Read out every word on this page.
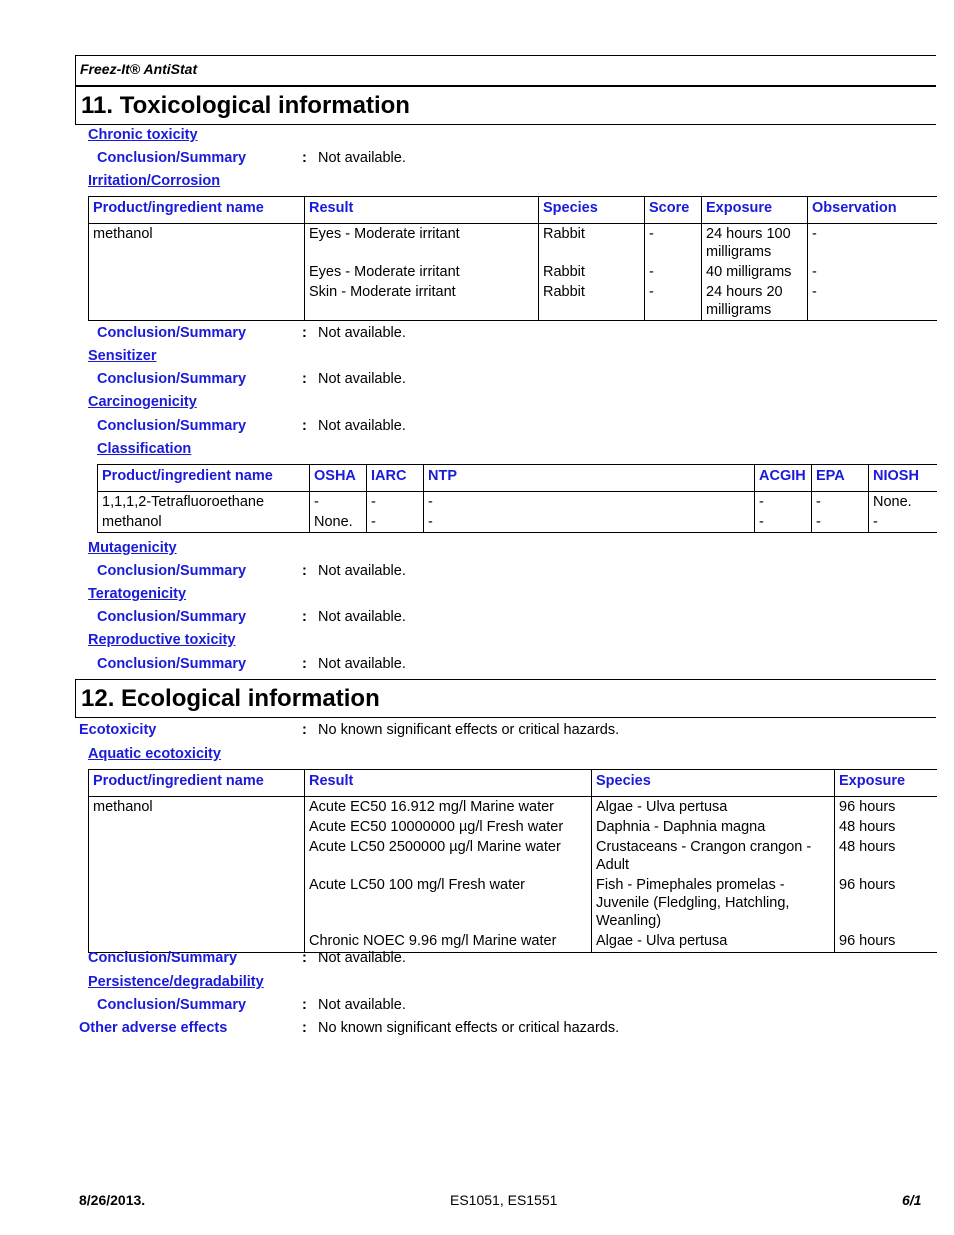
Freez-It® AntiStat
11. Toxicological information
Chronic toxicity
Conclusion/Summary	: Not available.
Irritation/Corrosion
Product/ingredient name	Result	Species	Score	Exposure	Observation
methanol	Eyes - Moderate irritant	Rabbit	-	24 hours 100 milligrams	-
	Eyes - Moderate irritant	Rabbit	-	40 milligrams	-
	Skin - Moderate irritant	Rabbit	-	24 hours 20 milligrams	-
Conclusion/Summary	: Not available.
Sensitizer
Conclusion/Summary	: Not available.
Carcinogenicity
Conclusion/Summary	: Not available.
Classification
Product/ingredient name	OSHA	IARC	NTP	ACGIH	EPA	NIOSH
1,1,1,2-Tetrafluoroethane	-	-	-	-	-	None.
methanol	None.	-	-	-	-	-
Mutagenicity
Conclusion/Summary	: Not available.
Teratogenicity
Conclusion/Summary	: Not available.
Reproductive toxicity
Conclusion/Summary	: Not available.
12. Ecological information
Ecotoxicity	: No known significant effects or critical hazards.
Aquatic ecotoxicity
Product/ingredient name	Result	Species	Exposure
methanol	Acute EC50 16.912 mg/l Marine water	Algae - Ulva pertusa	96 hours
	Acute EC50 10000000 µg/l Fresh water	Daphnia - Daphnia magna	48 hours
	Acute LC50 2500000 µg/l Marine water	Crustaceans - Crangon crangon - Adult	48 hours
	Acute LC50 100 mg/l Fresh water	Fish - Pimephales promelas - Juvenile (Fledgling, Hatchling, Weanling)	96 hours
	Chronic NOEC 9.96 mg/l Marine water	Algae - Ulva pertusa	96 hours
Conclusion/Summary	: Not available.
Persistence/degradability
Conclusion/Summary	: Not available.
Other adverse effects	: No known significant effects or critical hazards.
8/26/2013.	ES1051, ES1551	6/1
